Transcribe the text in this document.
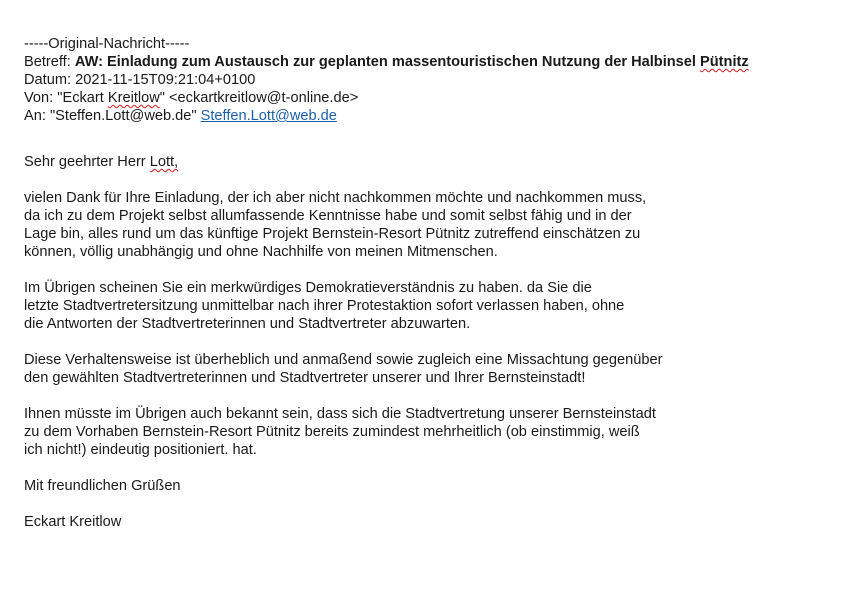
-----Original-Nachricht-----
Betreff: AW: Einladung zum Austausch zur geplanten massentouristischen Nutzung der Halbinsel Pütnitz
Datum: 2021-11-15T09:21:04+0100
Von: "Eckart Kreitlow" <eckartkreitlow@t-online.de>
An: "Steffen.Lott@web.de" Steffen.Lott@web.de
Sehr geehrter Herr Lott,
vielen Dank für Ihre Einladung, der ich aber nicht nachkommen möchte und nachkommen muss,
da ich zu dem Projekt selbst allumfassende Kenntnisse habe und somit selbst fähig und in der
Lage bin, alles rund um das künftige Projekt Bernstein-Resort Pütnitz zutreffend einschätzen zu
können, völlig unabhängig und ohne Nachhilfe von meinen Mitmenschen.
Im Übrigen scheinen Sie ein merkwürdiges Demokratieverständnis zu haben. da Sie die
letzte Stadtvertretersitzung unmittelbar nach ihrer Protestaktion sofort verlassen haben, ohne
die Antworten der Stadtvertreterinnen und Stadtvertreter abzuwarten.
Diese Verhaltensweise ist überheblich und anmaßend sowie zugleich eine Missachtung gegenüber
den gewählten Stadtvertreterinnen und Stadtvertreter unserer und Ihrer Bernsteinstadt!
Ihnen müsste im Übrigen auch bekannt sein, dass sich die Stadtvertretung unserer Bernsteinstadt
zu dem Vorhaben Bernstein-Resort Pütnitz bereits zumindest mehrheitlich (ob einstimmig, weiß
ich nicht!) eindeutig positioniert. hat.
Mit freundlichen Grüßen
Eckart Kreitlow
